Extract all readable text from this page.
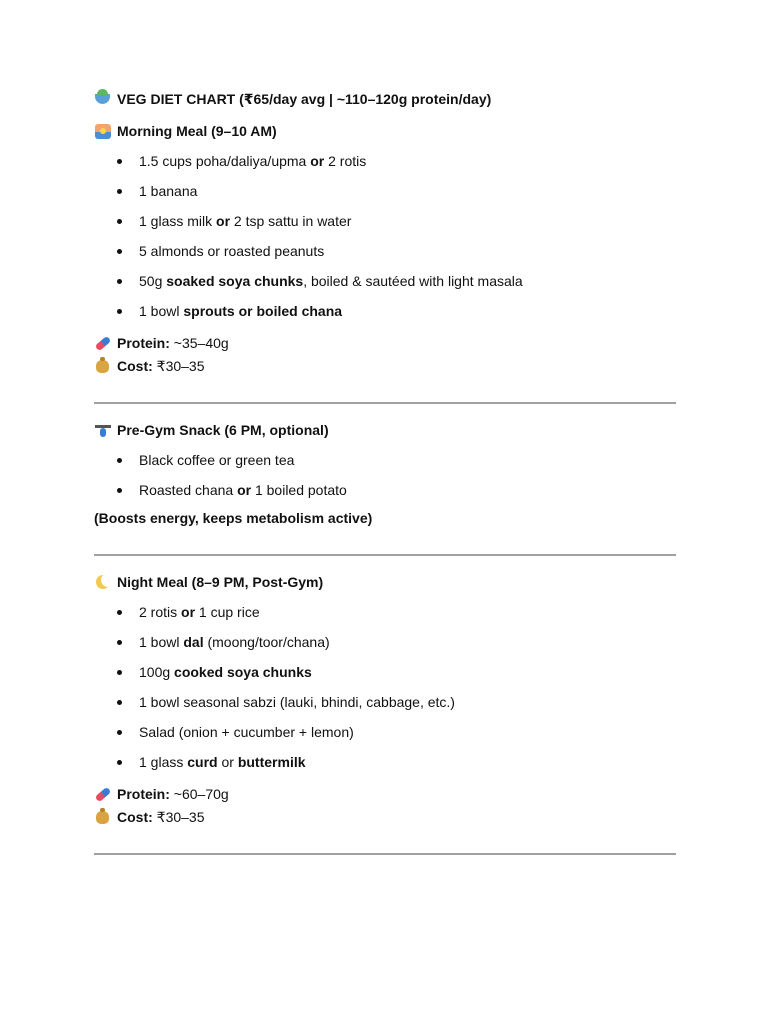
VEG DIET CHART (₹65/day avg | ~110–120g protein/day)
Morning Meal (9–10 AM)
1.5 cups poha/daliya/upma or 2 rotis
1 banana
1 glass milk or 2 tsp sattu in water
5 almonds or roasted peanuts
50g soaked soya chunks, boiled & sautéed with light masala
1 bowl sprouts or boiled chana
Protein: ~35–40g
Cost: ₹30–35
Pre-Gym Snack (6 PM, optional)
Black coffee or green tea
Roasted chana or 1 boiled potato
(Boosts energy, keeps metabolism active)
Night Meal (8–9 PM, Post-Gym)
2 rotis or 1 cup rice
1 bowl dal (moong/toor/chana)
100g cooked soya chunks
1 bowl seasonal sabzi (lauki, bhindi, cabbage, etc.)
Salad (onion + cucumber + lemon)
1 glass curd or buttermilk
Protein: ~60–70g
Cost: ₹30–35
